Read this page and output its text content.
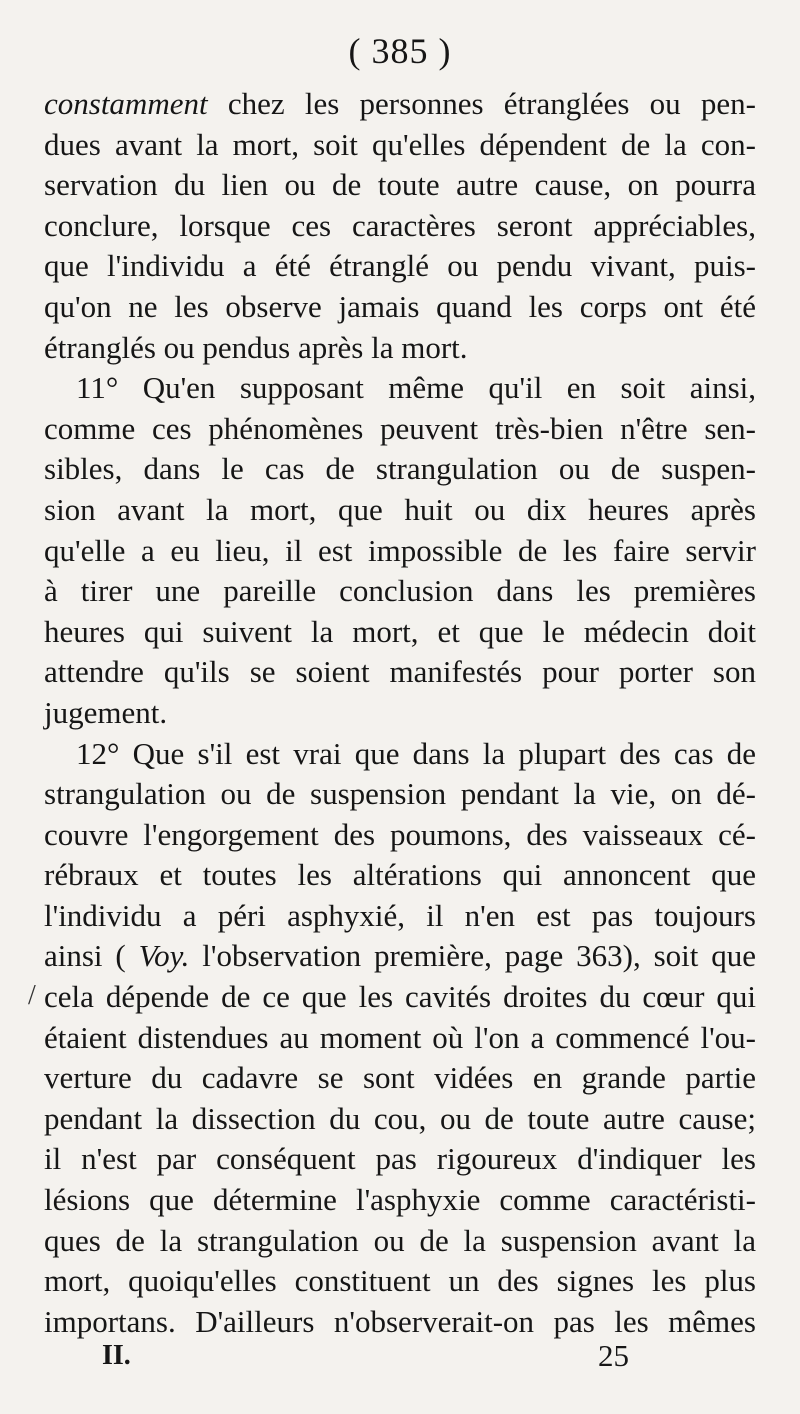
( 385 )
/
constamment chez les personnes étranglées ou pen-
dues avant la mort, soit qu'elles dépendent de la con-
servation du lien ou de toute autre cause, on pourra
conclure, lorsque ces caractères seront appréciables,
que l'individu a été étranglé ou pendu vivant, puis-
qu'on ne les observe jamais quand les corps ont été
étranglés ou pendus après la mort.
11° Qu'en supposant même qu'il en soit ainsi,
comme ces phénomènes peuvent très-bien n'être sen-
sibles, dans le cas de strangulation ou de suspen-
sion avant la mort, que huit ou dix heures après
qu'elle a eu lieu, il est impossible de les faire servir
à tirer une pareille conclusion dans les premières
heures qui suivent la mort, et que le médecin doit
attendre qu'ils se soient manifestés pour porter son
jugement.
12° Que s'il est vrai que dans la plupart des cas de
strangulation ou de suspension pendant la vie, on dé-
couvre l'engorgement des poumons, des vaisseaux cé-
rébraux et toutes les altérations qui annoncent que
l'individu a péri asphyxié, il n'en est pas toujours
ainsi ( Voy. l'observation première, page 363), soit que
cela dépende de ce que les cavités droites du cœur qui
étaient distendues au moment où l'on a commencé l'ou-
verture du cadavre se sont vidées en grande partie
pendant la dissection du cou, ou de toute autre cause;
il n'est par conséquent pas rigoureux d'indiquer les
lésions que détermine l'asphyxie comme caractéristi-
ques de la strangulation ou de la suspension avant la
mort, quoiqu'elles constituent un des signes les plus
importans. D'ailleurs n'observerait-on pas les mêmes
II.	25
